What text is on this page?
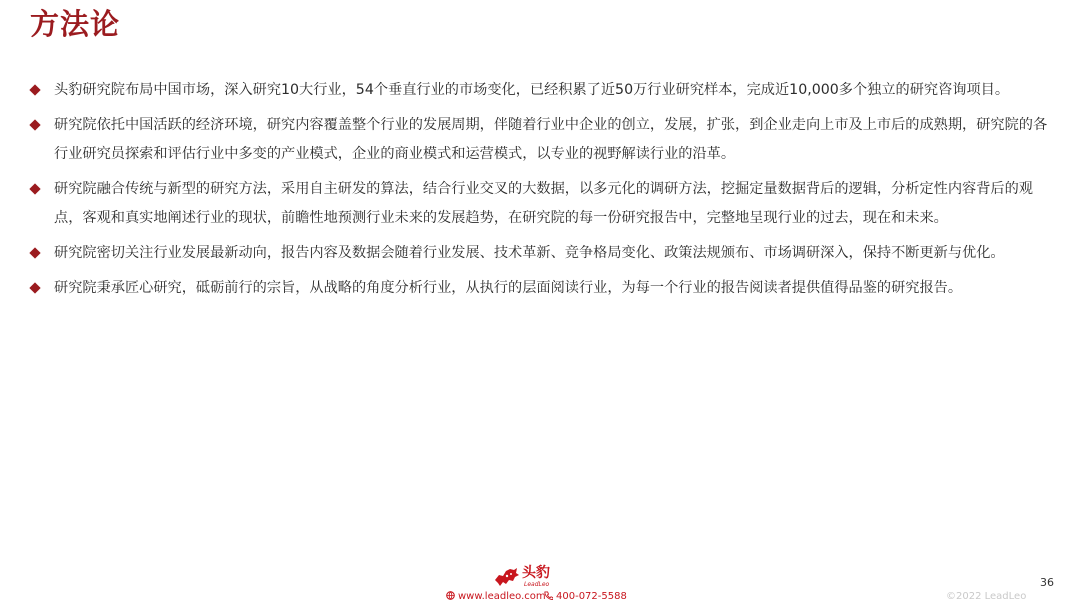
方法论
头豹研究院布局中国市场，深入研究10大行业，54个垂直行业的市场变化，已经积累了近50万行业研究样本，完成近10,000多个独立的研究咨询项目。
研究院依托中国活跃的经济环境，研究内容覆盖整个行业的发展周期，伴随着行业中企业的创立，发展，扩张，到企业走向上市及上市后的成熟期，研究院的各行业研究员探索和评估行业中多变的产业模式，企业的商业模式和运营模式，以专业的视野解读行业的沿革。
研究院融合传统与新型的研究方法，采用自主研发的算法，结合行业交叉的大数据，以多元化的调研方法，挖掘定量数据背后的逻辑，分析定性内容背后的观点，客观和真实地阐述行业的现状，前瞻性地预测行业未来的发展趋势，在研究院的每一份研究报告中，完整地呈现行业的过去，现在和未来。
研究院密切关注行业发展最新动向，报告内容及数据会随着行业发展、技术革新、竞争格局变化、政策法规颁布、市场调研深入，保持不断更新与优化。
研究院秉承匠心研究，砥砺前行的宗旨，从战略的角度分析行业，从执行的层面阅读行业，为每一个行业的报告阅读者提供值得品鉴的研究报告。
头豹
LeadLeo
www.leadleo.com	400-072-5588
36
©2022 LeadLeo
